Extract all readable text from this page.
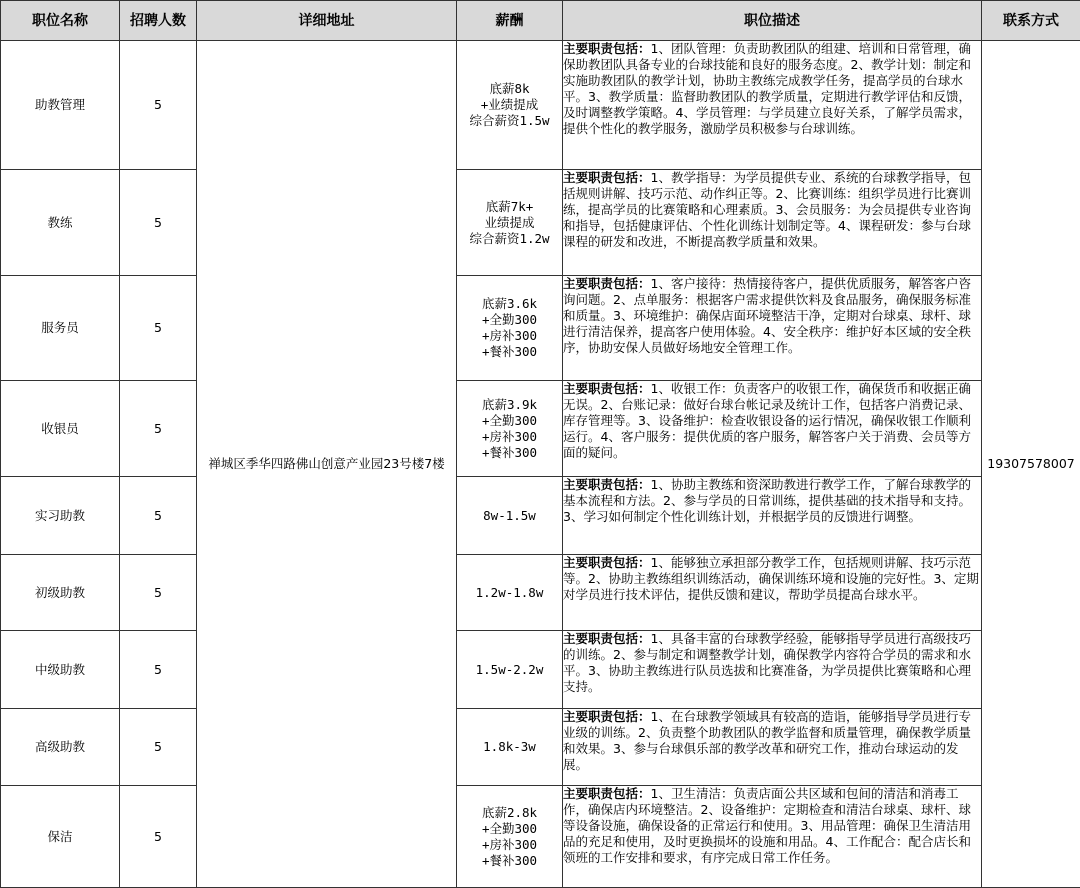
职位名称	招聘人数	详细地址	薪酬	职位描述	联系方式
助教管理	5	禅城区季华四路佛山创意产业园23号楼7楼	底薪8k
+业绩提成
综合薪资1.5w	主要职责包括：1、团队管理：负责助教团队的组建、培训和日常管理，确保助教团队具备专业的台球技能和良好的服务态度。2、教学计划：制定和实施助教团队的教学计划，协助主教练完成教学任务，提高学员的台球水平。3、教学质量：监督助教团队的教学质量，定期进行教学评估和反馈，及时调整教学策略。4、学员管理：与学员建立良好关系，了解学员需求，提供个性化的教学服务，激励学员积极参与台球训练。	19307578007
教练	5		底薪7k+
业绩提成
综合薪资1.2w	主要职责包括：1、教学指导：为学员提供专业、系统的台球教学指导，包括规则讲解、技巧示范、动作纠正等。2、比赛训练：组织学员进行比赛训练，提高学员的比赛策略和心理素质。3、会员服务：为会员提供专业咨询和指导，包括健康评估、个性化训练计划制定等。4、课程研发：参与台球课程的研发和改进，不断提高教学质量和效果。	
服务员	5		底薪3.6k
+全勤300
+房补300
+餐补300	主要职责包括：1、客户接待：热情接待客户，提供优质服务，解答客户咨询问题。2、点单服务：根据客户需求提供饮料及食品服务，确保服务标准和质量。3、环境维护：确保店面环境整洁干净，定期对台球桌、球杆、球进行清洁保养，提高客户使用体验。4、安全秩序：维护好本区域的安全秩序，协助安保人员做好场地安全管理工作。	
收银员	5		底薪3.9k
+全勤300
+房补300
+餐补300	主要职责包括：1、收银工作：负责客户的收银工作，确保货币和收据正确无误。2、台账记录：做好台球台帐记录及统计工作，包括客户消费记录、库存管理等。3、设备维护：检查收银设备的运行情况，确保收银工作顺利运行。4、客户服务：提供优质的客户服务，解答客户关于消费、会员等方面的疑问。	
实习助教	5		8w-1.5w	主要职责包括：1、协助主教练和资深助教进行教学工作，了解台球教学的基本流程和方法。2、参与学员的日常训练，提供基础的技术指导和支持。3、学习如何制定个性化训练计划，并根据学员的反馈进行调整。	
初级助教	5		1.2w-1.8w	主要职责包括：1、能够独立承担部分教学工作，包括规则讲解、技巧示范等。2、协助主教练组织训练活动，确保训练环境和设施的完好性。3、定期对学员进行技术评估，提供反馈和建议，帮助学员提高台球水平。	
中级助教	5		1.5w-2.2w	主要职责包括：1、具备丰富的台球教学经验，能够指导学员进行高级技巧的训练。2、参与制定和调整教学计划，确保教学内容符合学员的需求和水平。3、协助主教练进行队员选拔和比赛准备，为学员提供比赛策略和心理支持。	
高级助教	5		1.8k-3w	主要职责包括：1、在台球教学领域具有较高的造诣，能够指导学员进行专业级的训练。2、负责整个助教团队的教学监督和质量管理，确保教学质量和效果。3、参与台球俱乐部的教学改革和研究工作，推动台球运动的发展。	
保洁	5		底薪2.8k
+全勤300
+房补300
+餐补300	主要职责包括：1、卫生清洁：负责店面公共区域和包间的清洁和消毒工作，确保店内环境整洁。2、设备维护：定期检查和清洁台球桌、球杆、球等设备设施，确保设备的正常运行和使用。3、用品管理：确保卫生清洁用品的充足和使用，及时更换损坏的设施和用品。4、工作配合：配合店长和领班的工作安排和要求，有序完成日常工作任务。	
